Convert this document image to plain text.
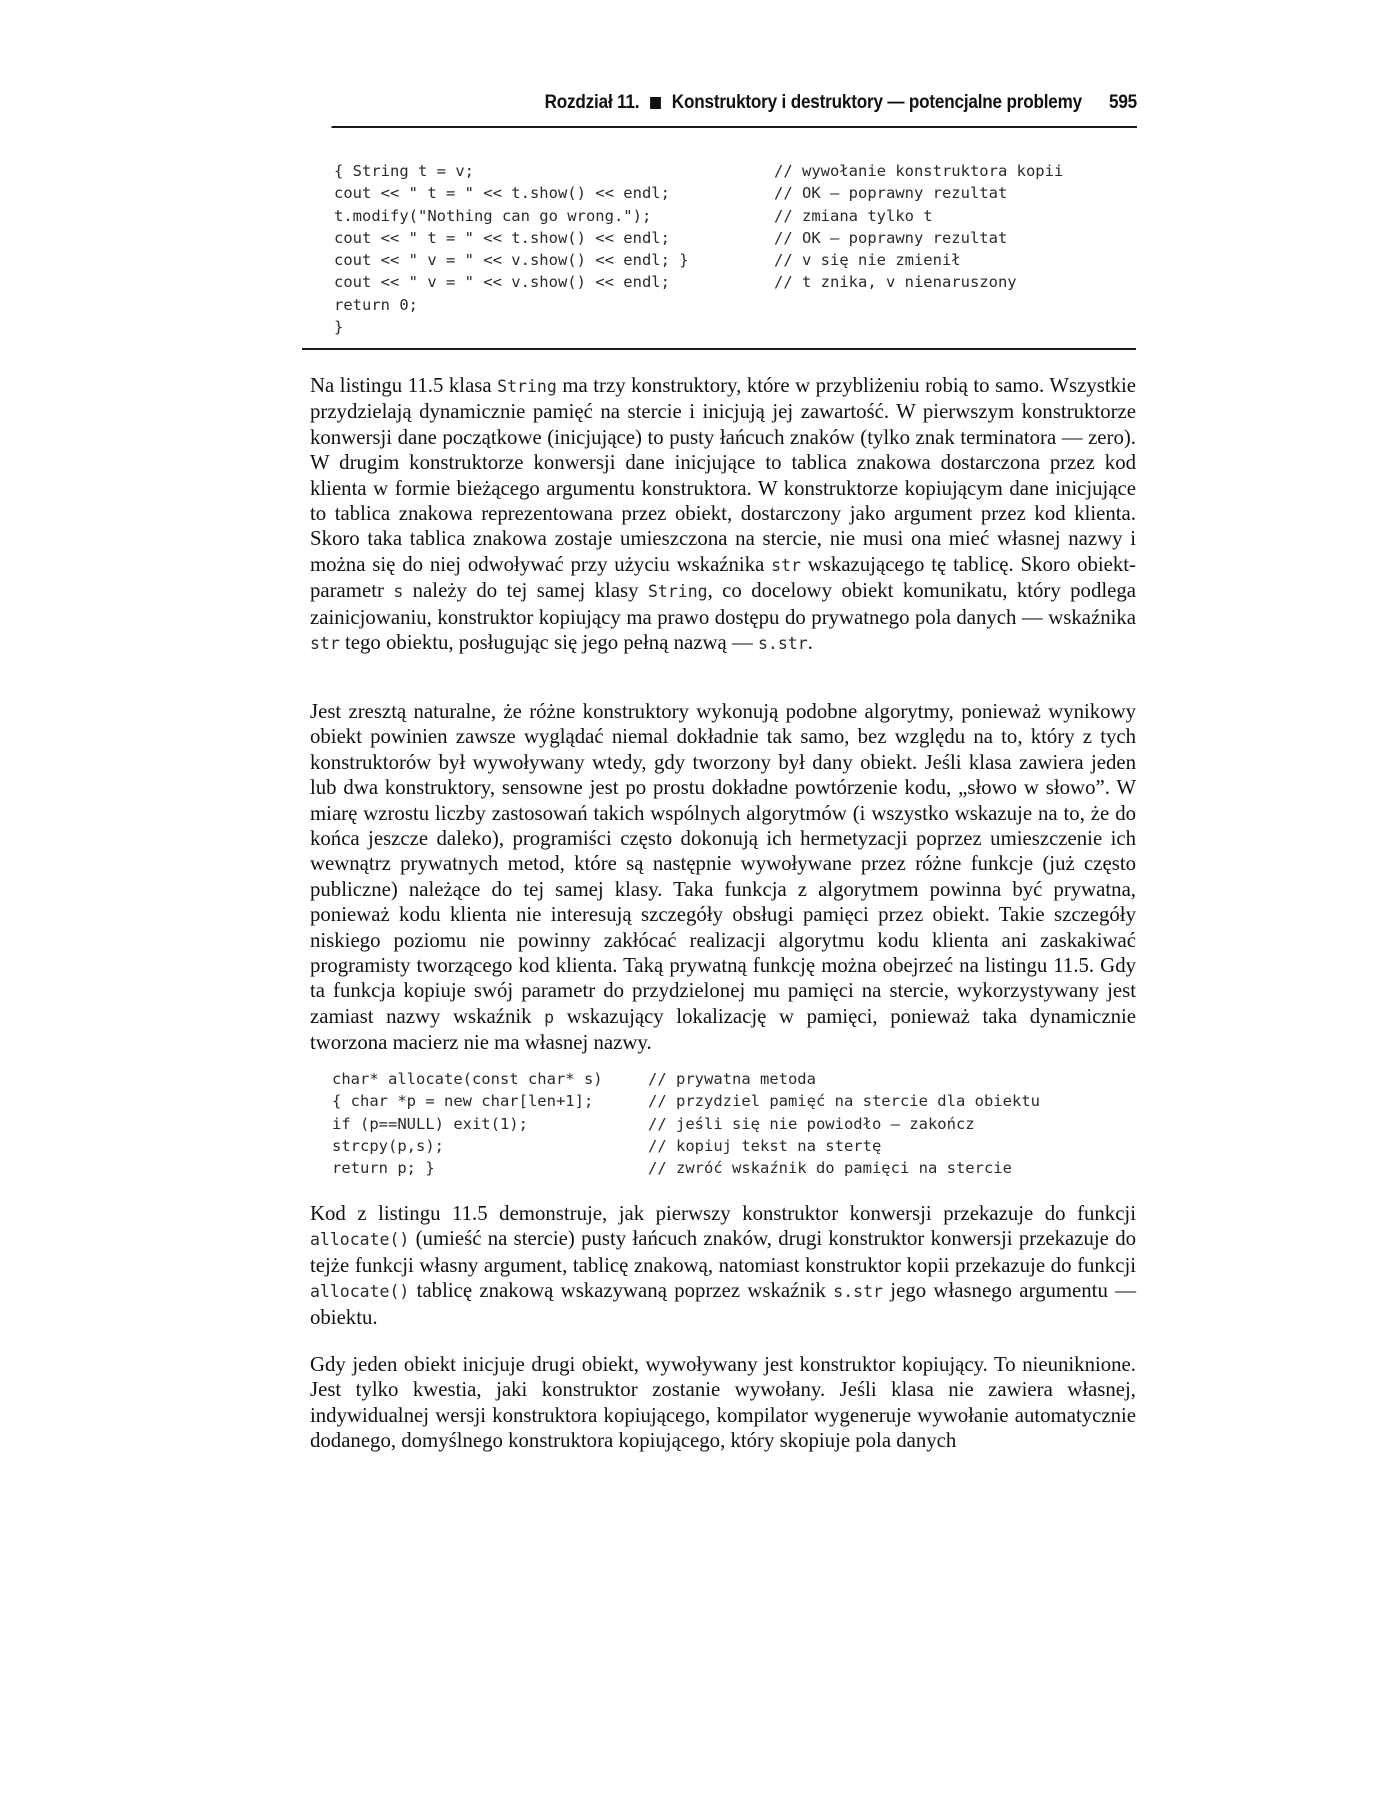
Rozdział 11. Konstruktory i destruktory — potencjalne problemy 595
{ String t = v;	// wywołanie konstruktora kopii
cout << " t = " << t.show() << endl;	// OK — poprawny rezultat
t.modify("Nothing can go wrong.");	// zmiana tylko t
cout << " t = " << t.show() << endl;	// OK — poprawny rezultat
cout << " v = " << v.show() << endl; }	// v się nie zmienił
cout << " v = " << v.show() << endl;	// t znika, v nienaruszony
return 0;
}

Na listingu 11.5 klasa String ma trzy konstruktory, które w przybliżeniu robią to samo. Wszystkie przydzielają dynamicznie pamięć na stercie i inicjują jej zawartość. W pierwszym konstruktorze konwersji dane początkowe (inicjujące) to pusty łańcuch znaków (tylko znak terminatora — zero). W drugim konstruktorze konwersji dane inicjujące to tablica znakowa dostarczona przez kod klienta w formie bieżącego argumentu konstruktora. W konstruktorze kopiującym dane inicjujące to tablica znakowa reprezentowana przez obiekt, dostarczony jako argument przez kod klienta. Skoro taka tablica znakowa zostaje umieszczona na stercie, nie musi ona mieć własnej nazwy i można się do niej odwoływać przy użyciu wskaźnika str wskazującego tę tablicę. Skoro obiekt-parametr s należy do tej samej klasy String, co docelowy obiekt komunikatu, który podlega zainicjowaniu, konstruktor kopiujący ma prawo dostępu do prywatnego pola danych –– wskaźnika str tego obiektu, posługując się jego pełną nazwą — s.str.

Jest zresztą naturalne, że różne konstruktory wykonują podobne algorytmy, ponieważ wynikowy obiekt powinien zawsze wyglądać niemal dokładnie tak samo, bez względu na to, który z tych konstruktorów był wywoływany wtedy, gdy tworzony był dany obiekt. Jeśli klasa zawiera jeden lub dwa konstruktory, sensowne jest po prostu dokładne powtórzenie kodu, „słowo w słowo”. W miarę wzrostu liczby zastosowań takich wspólnych algorytmów (i wszystko wskazuje na to, że do końca jeszcze daleko), programiści często dokonują ich hermetyzacji poprzez umieszczenie ich wewnątrz prywatnych metod, które są następnie wywoływane przez różne funkcje (już często publiczne) należące do tej samej klasy. Taka funkcja z algorytmem powinna być prywatna, ponieważ kodu klienta nie interesują szczegóły obsługi pamięci przez obiekt. Takie szczegóły niskiego poziomu nie powinny zakłócać realizacji algorytmu kodu klienta ani zaskakiwać programisty tworzącego kod klienta. Taką prywatną funkcję można obejrzeć na listingu 11.5. Gdy ta funkcja kopiuje swój parametr do przydzielonej mu pamięci na stercie, wykorzystywany jest zamiast nazwy wskaźnik p wskazujący lokalizację w pamięci, ponieważ taka dynamicznie tworzona macierz nie ma własnej nazwy.

char* allocate(const char* s)	// prywatna metoda
{ char *p = new char[len+1];	// przydziel pamięć na stercie dla obiektu
if (p==NULL) exit(1);	// jeśli się nie powiodło — zakończ
strcpy(p,s);	// kopiuj tekst na stertę
return p; }	// zwróć wskaźnik do pamięci na stercie

Kod z listingu 11.5 demonstruje, jak pierwszy konstruktor konwersji przekazuje do funkcji allocate() (umieść na stercie) pusty łańcuch znaków, drugi konstruktor konwersji przekazuje do tejże funkcji własny argument, tablicę znakową, natomiast konstruktor kopii przekazuje do funkcji allocate() tablicę znakową wskazywaną poprzez wskaźnik s.str jego własnego argumentu — obiektu.

Gdy jeden obiekt inicjuje drugi obiekt, wywoływany jest konstruktor kopiujący. To nieuniknione. Jest tylko kwestia, jaki konstruktor zostanie wywołany. Jeśli klasa nie zawiera własnej, indywidualnej wersji konstruktora kopiującego, kompilator wygeneruje wywołanie automatycznie dodanego, domyślnego konstruktora kopiującego, który skopiuje pola danych
